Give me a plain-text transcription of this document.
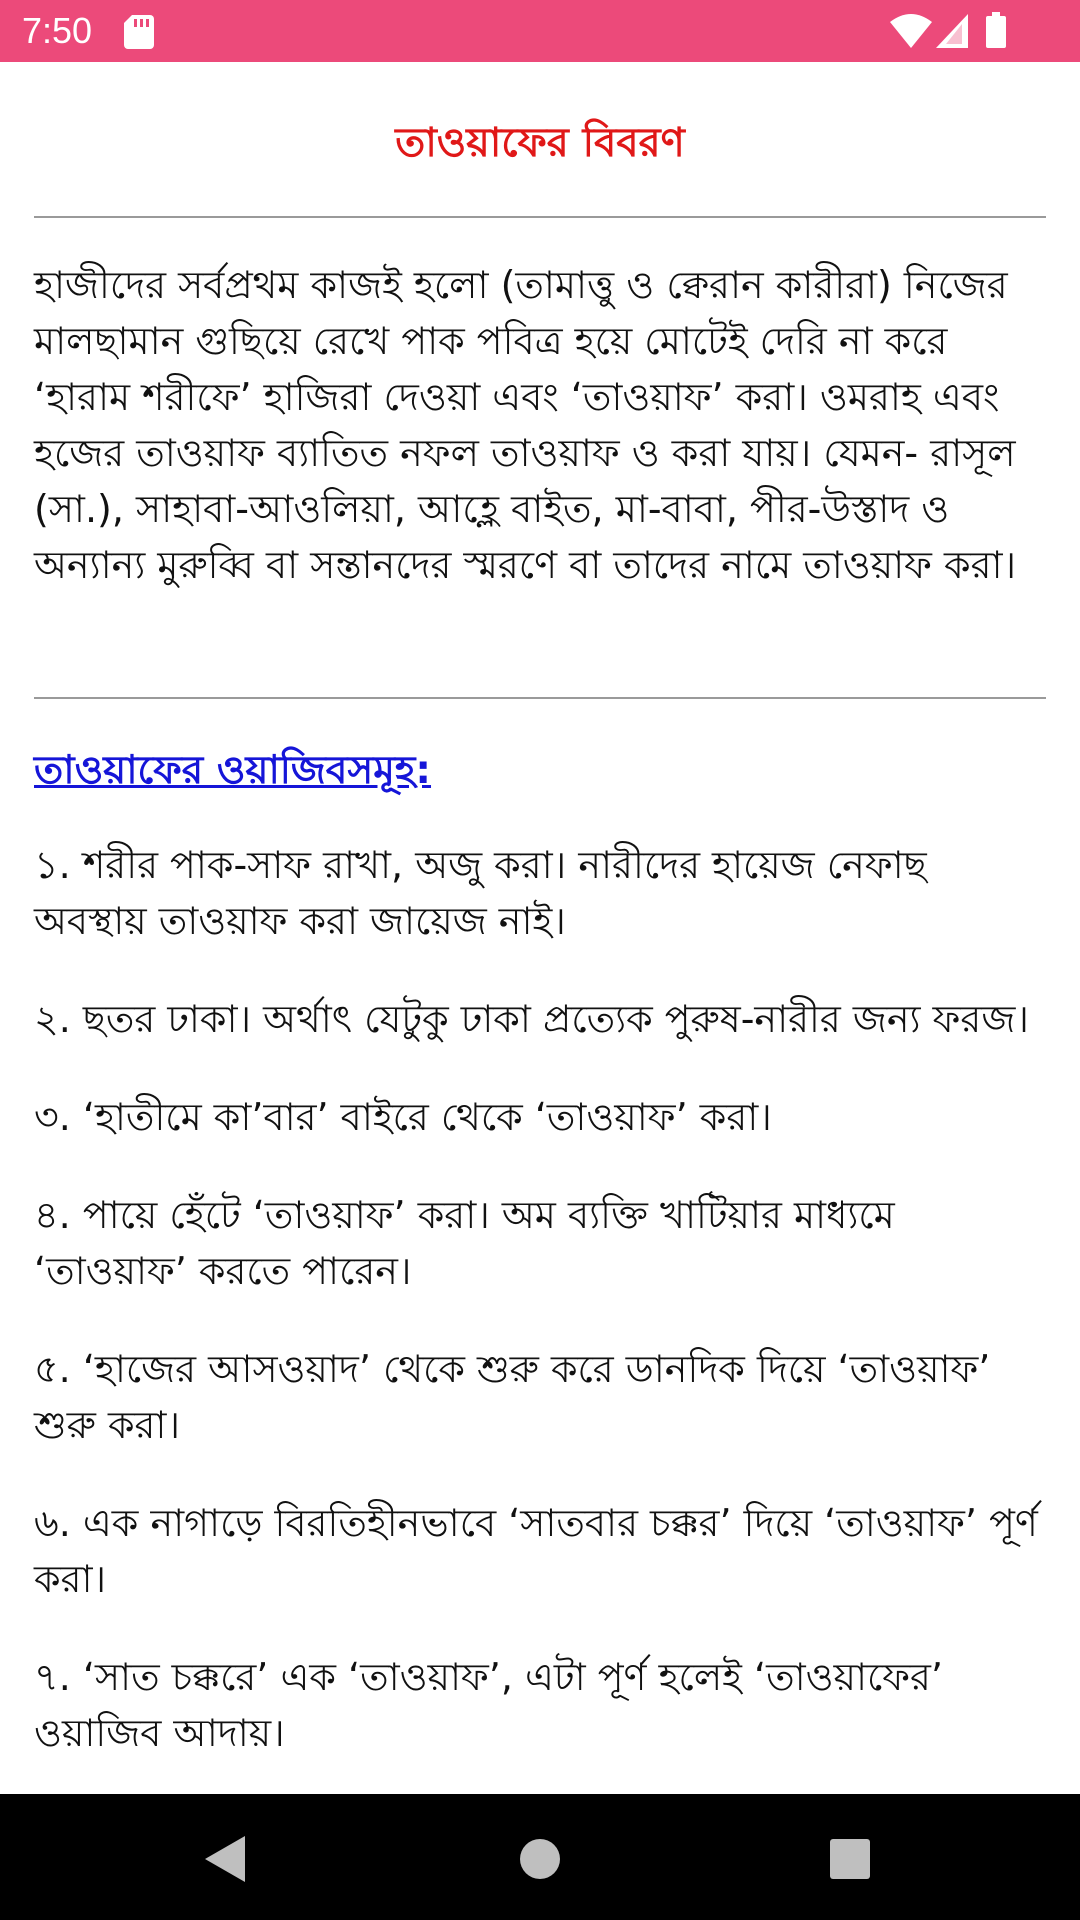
7:50
তাওয়াফের বিবরণ

হাজীদের সর্বপ্রথম কাজই হলো (তামাত্তু ও ক্বেরান কারীরা) নিজের মালছামান গুছিয়ে রেখে পাক পবিত্র হয়ে মোটেই দেরি না করে ‘হারাম শরীফে’ হাজিরা দেওয়া এবং ‘তাওয়াফ’ করা। ওমরাহ এবং হজের তাওয়াফ ব্যাতিত নফল তাওয়াফ ও করা যায়। যেমন- রাসূল (সা.), সাহাবা-আওলিয়া, আহ্লে বাইত, মা-বাবা, পীর-উস্তাদ ও অন্যান্য মুরুব্বি বা সন্তানদের স্মরণে বা তাদের নামে তাওয়াফ করা।

তাওয়াফের ওয়াজিবসমূহ:
১. শরীর পাক-সাফ রাখা, অজু করা। নারীদের হায়েজ নেফাছ অবস্থায় তাওয়াফ করা জায়েজ নাই।
২. ছতর ঢাকা। অর্থাৎ যেটুকু ঢাকা প্রত্যেক পুরুষ-নারীর জন্য ফরজ।
৩. ‘হাতীমে কা’বার’ বাইরে থেকে ‘তাওয়াফ’ করা।
৪. পায়ে হেঁটে ‘তাওয়াফ’ করা। অম ব্যক্তি খাটিয়ার মাধ্যমে ‘তাওয়াফ’ করতে পারেন।
৫. ‘হাজের আসওয়াদ’ থেকে শুরু করে ডানদিক দিয়ে ‘তাওয়াফ’ শুরু করা।
৬. এক নাগাড়ে বিরতিহীনভাবে ‘সাতবার চক্কর’ দিয়ে ‘তাওয়াফ’ পূর্ণ করা।
৭. ‘সাত চক্করে’ এক ‘তাওয়াফ’, এটা পূর্ণ হলেই ‘তাওয়াফের’ ওয়াজিব আদায়।
